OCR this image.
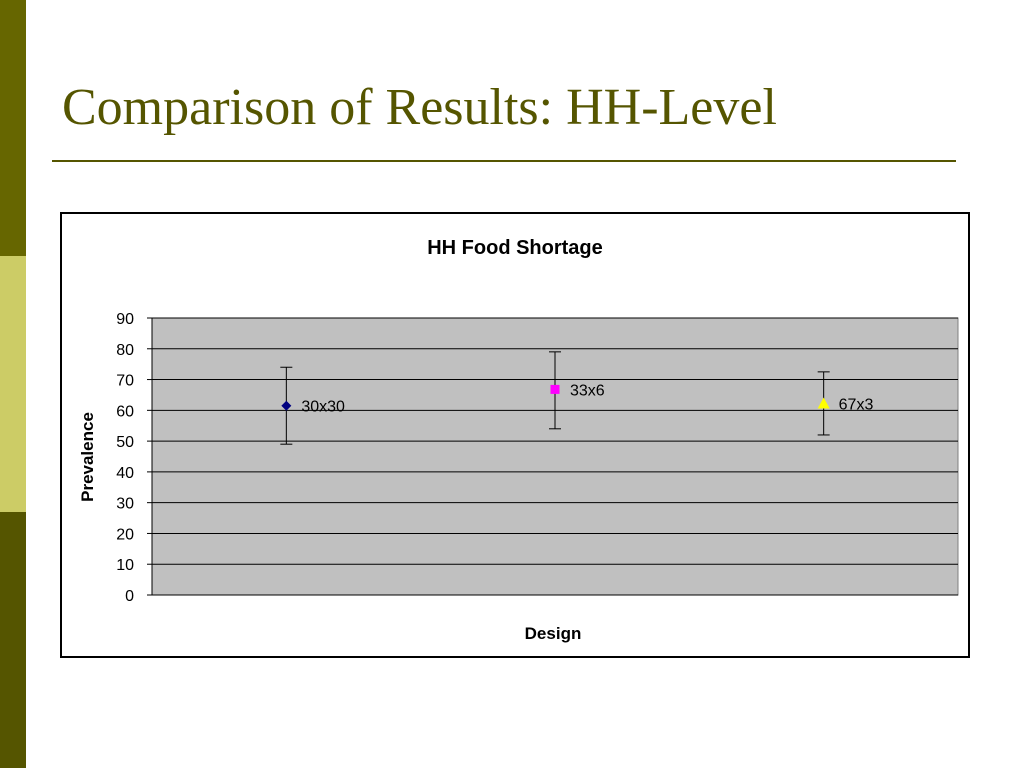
Comparison of Results: HH-Level
HH Food Shortage
Prevalence
Design
0
10
20
30
40
50
60
70
80
90
30x30
33x6
67x3
